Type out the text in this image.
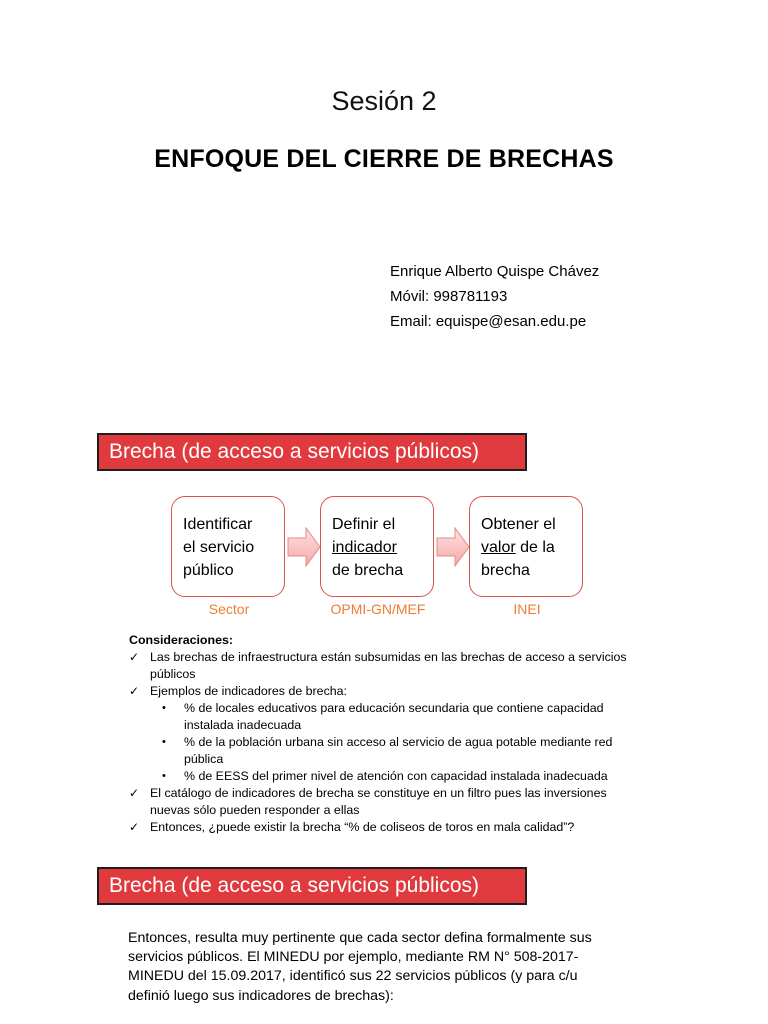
Sesión 2
ENFOQUE DEL CIERRE DE BRECHAS
Enrique Alberto Quispe Chávez
Móvil: 998781193
Email: equispe@esan.edu.pe
Brecha (de acceso a servicios públicos)
Identificar
el servicio
público
Definir el
indicador
de brecha
Obtener el
valor de la
brecha
Sector	OPMI-GN/MEF	INEI
Consideraciones:
✓ Las brechas de infraestructura están subsumidas en las brechas de acceso a servicios públicos
✓ Ejemplos de indicadores de brecha:
• % de locales educativos para educación secundaria que contiene capacidad instalada inadecuada
• % de la población urbana sin acceso al servicio de agua potable mediante red pública
• % de EESS del primer nivel de atención con capacidad instalada inadecuada
✓ El catálogo de indicadores de brecha se constituye en un filtro pues las inversiones nuevas sólo pueden responder a ellas
✓ Entonces, ¿puede existir la brecha “% de coliseos de toros en mala calidad”?
Brecha (de acceso a servicios públicos)
Entonces, resulta muy pertinente que cada sector defina formalmente sus servicios públicos. El MINEDU por ejemplo, mediante RM N° 508-2017-MINEDU del 15.09.2017, identificó sus 22 servicios públicos (y para c/u definió luego sus indicadores de brechas):
